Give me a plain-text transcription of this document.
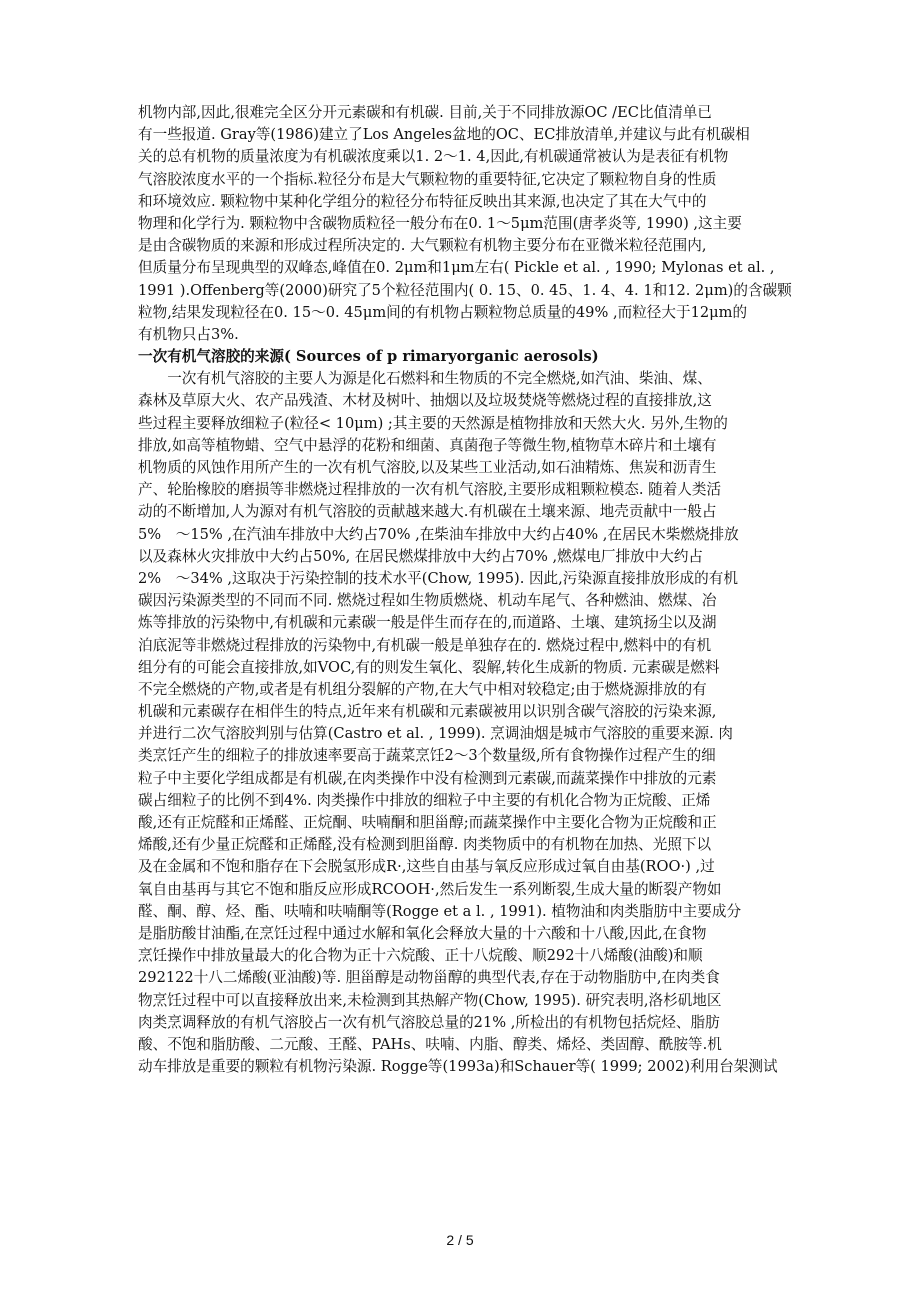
机物内部,因此,很难完全区分开元素碳和有机碳. 目前,关于不同排放源OC /EC比值清单已
有一些报道. Gray等(1986)建立了Los Angeles盆地的OC、EC排放清单,并建议与此有机碳相
关的总有机物的质量浓度为有机碳浓度乘以1. 2～1. 4,因此,有机碳通常被认为是表征有机物
气溶胶浓度水平的一个指标.粒径分布是大气颗粒物的重要特征,它决定了颗粒物自身的性质
和环境效应. 颗粒物中某种化学组分的粒径分布特征反映出其来源,也决定了其在大气中的
物理和化学行为. 颗粒物中含碳物质粒径一般分布在0. 1～5μm范围(唐孝炎等, 1990) ,这主要
是由含碳物质的来源和形成过程所决定的. 大气颗粒有机物主要分布在亚微米粒径范围内,
但质量分布呈现典型的双峰态,峰值在0. 2μm和1μm左右( Pickle et al. , 1990; Mylonas et al. ,
1991 ).Offenberg等(2000)研究了5个粒径范围内( 0. 15、0. 45、1. 4、4. 1和12. 2μm)的含碳颗
粒物,结果发现粒径在0. 15～0. 45μm间的有机物占颗粒物总质量的49% ,而粒径大于12μm的
有机物只占3%.
一次有机气溶胶的来源( Sources of p rimaryorganic aerosols)
　　一次有机气溶胶的主要人为源是化石燃料和生物质的不完全燃烧,如汽油、柴油、煤、
森林及草原大火、农产品残渣、木材及树叶、抽烟以及垃圾焚烧等燃烧过程的直接排放,这
些过程主要释放细粒子(粒径< 10μm) ;其主要的天然源是植物排放和天然大火. 另外,生物的
排放,如高等植物蜡、空气中悬浮的花粉和细菌、真菌孢子等微生物,植物草木碎片和土壤有
机物质的风蚀作用所产生的一次有机气溶胶,以及某些工业活动,如石油精炼、焦炭和沥青生
产、轮胎橡胶的磨损等非燃烧过程排放的一次有机气溶胶,主要形成粗颗粒模态. 随着人类活
动的不断增加,人为源对有机气溶胶的贡献越来越大.有机碳在土壤来源、地壳贡献中一般占
5%　～15% ,在汽油车排放中大约占70% ,在柴油车排放中大约占40% ,在居民木柴燃烧排放
以及森林火灾排放中大约占50%, 在居民燃煤排放中大约占70% ,燃煤电厂排放中大约占
2%　～34% ,这取决于污染控制的技术水平(Chow, 1995). 因此,污染源直接排放形成的有机
碳因污染源类型的不同而不同. 燃烧过程如生物质燃烧、机动车尾气、各种燃油、燃煤、冶
炼等排放的污染物中,有机碳和元素碳一般是伴生而存在的,而道路、土壤、建筑扬尘以及湖
泊底泥等非燃烧过程排放的污染物中,有机碳一般是单独存在的. 燃烧过程中,燃料中的有机
组分有的可能会直接排放,如VOC,有的则发生氧化、裂解,转化生成新的物质. 元素碳是燃料
不完全燃烧的产物,或者是有机组分裂解的产物,在大气中相对较稳定;由于燃烧源排放的有
机碳和元素碳存在相伴生的特点,近年来有机碳和元素碳被用以识别含碳气溶胶的污染来源,
并进行二次气溶胶判别与估算(Castro et al. , 1999). 烹调油烟是城市气溶胶的重要来源. 肉
类烹饪产生的细粒子的排放速率要高于蔬菜烹饪2～3个数量级,所有食物操作过程产生的细
粒子中主要化学组成都是有机碳,在肉类操作中没有检测到元素碳,而蔬菜操作中排放的元素
碳占细粒子的比例不到4%. 肉类操作中排放的细粒子中主要的有机化合物为正烷酸、正烯
酸,还有正烷醛和正烯醛、正烷酮、呋喃酮和胆甾醇;而蔬菜操作中主要化合物为正烷酸和正
烯酸,还有少量正烷醛和正烯醛,没有检测到胆甾醇. 肉类物质中的有机物在加热、光照下以
及在金属和不饱和脂存在下会脱氢形成R·,这些自由基与氧反应形成过氧自由基(ROO·) ,过
氧自由基再与其它不饱和脂反应形成RCOOH·,然后发生一系列断裂,生成大量的断裂产物如
醛、酮、醇、烃、酯、呋喃和呋喃酮等(Rogge et a l. , 1991). 植物油和肉类脂肪中主要成分
是脂肪酸甘油酯,在烹饪过程中通过水解和氧化会释放大量的十六酸和十八酸,因此,在食物
烹饪操作中排放量最大的化合物为正十六烷酸、正十八烷酸、顺292十八烯酸(油酸)和顺
292122十八二烯酸(亚油酸)等. 胆甾醇是动物甾醇的典型代表,存在于动物脂肪中,在肉类食
物烹饪过程中可以直接释放出来,未检测到其热解产物(Chow, 1995). 研究表明,洛杉矶地区
肉类烹调释放的有机气溶胶占一次有机气溶胶总量的21% ,所检出的有机物包括烷烃、脂肪
酸、不饱和脂肪酸、二元酸、王醛、PAHs、呋喃、内脂、醇类、烯烃、类固醇、酰胺等.机
动车排放是重要的颗粒有机物污染源. Rogge等(1993a)和Schauer等( 1999; 2002)利用台架测试
2 / 5
